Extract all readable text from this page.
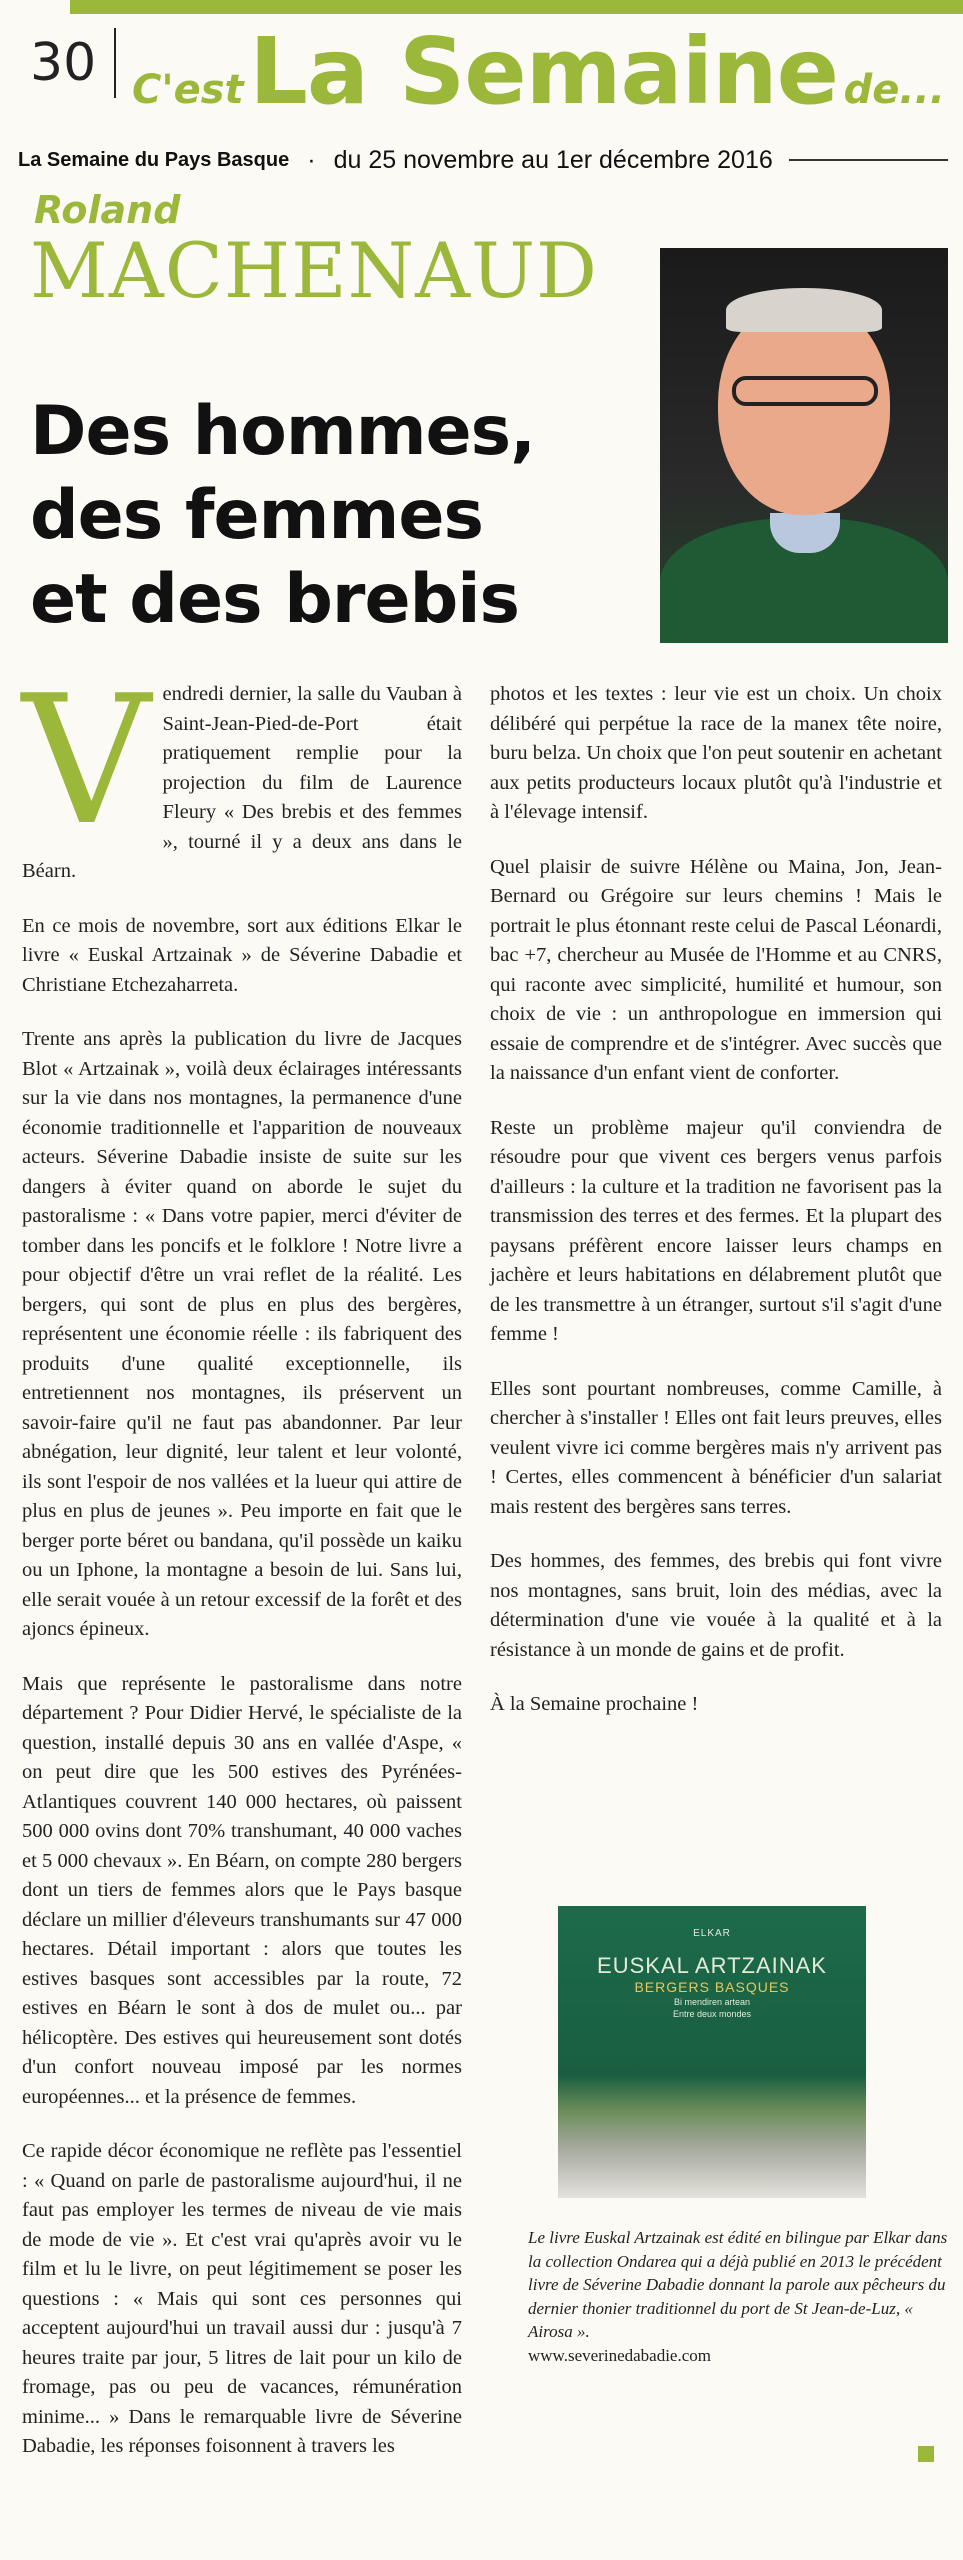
30 C'est La Semaine de...
La Semaine du Pays Basque · du 25 novembre au 1er décembre 2016
Roland
MACHENAUD
Des hommes,
des femmes
et des brebis

Vendredi dernier, la salle du Vauban à Saint-Jean-Pied-de-Port était pratiquement remplie pour la projection du film de Laurence Fleury « Des brebis et des femmes », tourné il y a deux ans dans le Béarn.

En ce mois de novembre, sort aux éditions Elkar le livre « Euskal Artzainak » de Séverine Dabadie et Christiane Etchezaharreta.

Trente ans après la publication du livre de Jacques Blot « Artzainak », voilà deux éclairages intéressants sur la vie dans nos montagnes, la permanence d'une économie traditionnelle et l'apparition de nouveaux acteurs. Séverine Dabadie insiste de suite sur les dangers à éviter quand on aborde le sujet du pastoralisme : « Dans votre papier, merci d'éviter de tomber dans les poncifs et le folklore ! Notre livre a pour objectif d'être un vrai reflet de la réalité. Les bergers, qui sont de plus en plus des bergères, représentent une économie réelle : ils fabriquent des produits d'une qualité exceptionnelle, ils entretiennent nos montagnes, ils préservent un savoir-faire qu'il ne faut pas abandonner. Par leur abnégation, leur dignité, leur talent et leur volonté, ils sont l'espoir de nos vallées et la lueur qui attire de plus en plus de jeunes ». Peu importe en fait que le berger porte béret ou bandana, qu'il possède un kaiku ou un Iphone, la montagne a besoin de lui. Sans lui, elle serait vouée à un retour excessif de la forêt et des ajoncs épineux.

Mais que représente le pastoralisme dans notre département ? Pour Didier Hervé, le spécialiste de la question, installé depuis 30 ans en vallée d'Aspe, « on peut dire que les 500 estives des Pyrénées-Atlantiques couvrent 140 000 hectares, où paissent 500 000 ovins dont 70% transhumant, 40 000 vaches et 5 000 chevaux ». En Béarn, on compte 280 bergers dont un tiers de femmes alors que le Pays basque déclare un millier d'éleveurs transhumants sur 47 000 hectares. Détail important : alors que toutes les estives basques sont accessibles par la route, 72 estives en Béarn le sont à dos de mulet ou... par hélicoptère. Des estives qui heureusement sont dotés d'un confort nouveau imposé par les normes européennes... et la présence de femmes.

Ce rapide décor économique ne reflète pas l'essentiel : « Quand on parle de pastoralisme aujourd'hui, il ne faut pas employer les termes de niveau de vie mais de mode de vie ». Et c'est vrai qu'après avoir vu le film et lu le livre, on peut légitimement se poser les questions : « Mais qui sont ces personnes qui acceptent aujourd'hui un travail aussi dur : jusqu'à 7 heures traite par jour, 5 litres de lait pour un kilo de fromage, pas ou peu de vacances, rémunération minime... » Dans le remarquable livre de Séverine Dabadie, les réponses foisonnent à travers les

photos et les textes : leur vie est un choix. Un choix délibéré qui perpétue la race de la manex tête noire, buru belza. Un choix que l'on peut soutenir en achetant aux petits producteurs locaux plutôt qu'à l'industrie et à l'élevage intensif.

Quel plaisir de suivre Hélène ou Maina, Jon, Jean-Bernard ou Grégoire sur leurs chemins ! Mais le portrait le plus étonnant reste celui de Pascal Léonardi, bac +7, chercheur au Musée de l'Homme et au CNRS, qui raconte avec simplicité, humilité et humour, son choix de vie : un anthropologue en immersion qui essaie de comprendre et de s'intégrer. Avec succès que la naissance d'un enfant vient de conforter.

Reste un problème majeur qu'il conviendra de résoudre pour que vivent ces bergers venus parfois d'ailleurs : la culture et la tradition ne favorisent pas la transmission des terres et des fermes. Et la plupart des paysans préfèrent encore laisser leurs champs en jachère et leurs habitations en délabrement plutôt que de les transmettre à un étranger, surtout s'il s'agit d'une femme !

Elles sont pourtant nombreuses, comme Camille, à chercher à s'installer ! Elles ont fait leurs preuves, elles veulent vivre ici comme bergères mais n'y arrivent pas ! Certes, elles commencent à bénéficier d'un salariat mais restent des bergères sans terres.

Des hommes, des femmes, des brebis qui font vivre nos montagnes, sans bruit, loin des médias, avec la détermination d'une vie vouée à la qualité et à la résistance à un monde de gains et de profit.

À la Semaine prochaine !

ELKAR
EUSKAL ARTZAINAK
BERGERS BASQUES
Bi mendiren artean
Entre deux mondes
Le livre Euskal Artzainak est édité en bilingue par Elkar dans la collection Ondarea qui a déjà publié en 2013 le précédent livre de Séverine Dabadie donnant la parole aux pêcheurs du dernier thonier traditionnel du port de St Jean-de-Luz, « Airosa ».
www.severinedabadie.com
